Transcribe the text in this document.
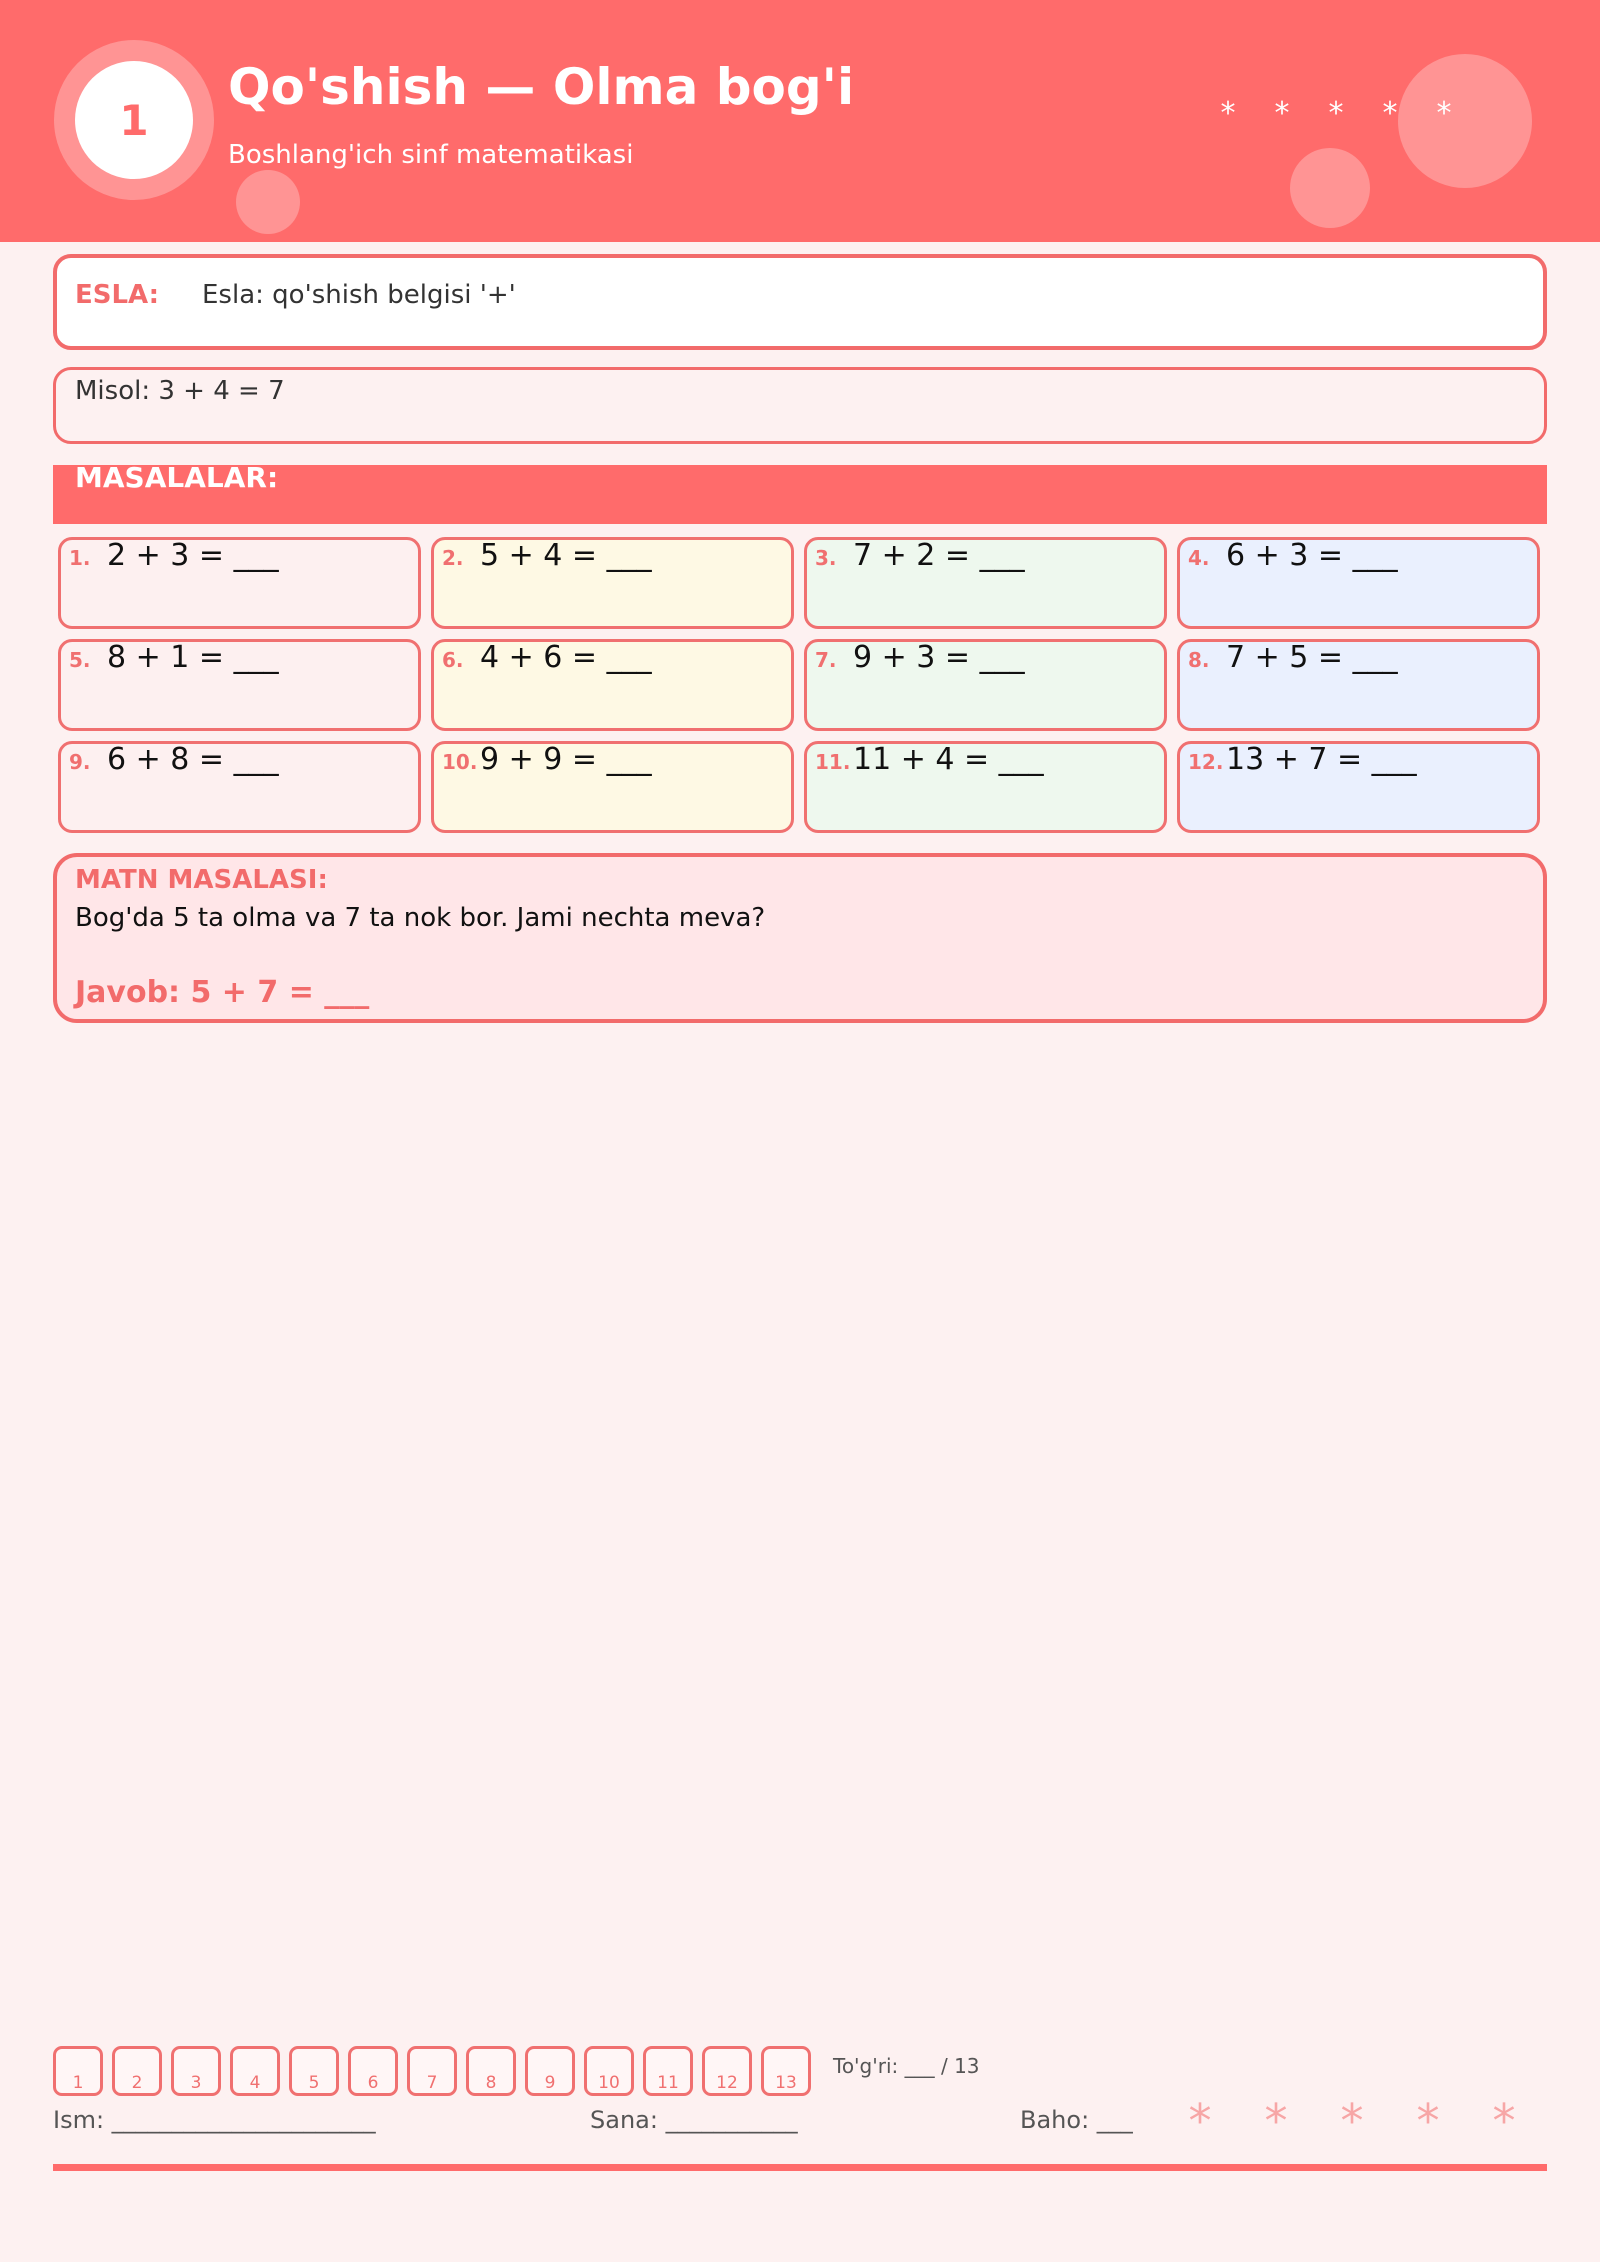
1
Qo'shish — Olma bog'i
Boshlang'ich sinf matematikasi
* * * * *
ESLA: Esla: qo'shish belgisi '+'
Misol: 3 + 4 = 7
MASALALAR:
1. 2 + 3 = ___	2. 5 + 4 = ___	3. 7 + 2 = ___	4. 6 + 3 = ___
5. 8 + 1 = ___	6. 4 + 6 = ___	7. 9 + 3 = ___	8. 7 + 5 = ___
9. 6 + 8 = ___	10. 9 + 9 = ___	11. 11 + 4 = ___	12. 13 + 7 = ___
MATN MASALASI:
Bog'da 5 ta olma va 7 ta nok bor. Jami nechta meva?
Javob: 5 + 7 = ___
1	2	3	4	5	6	7	8	9	10	11	12	13
To'g'ri: ___ / 13
Ism: ______________________	Sana: ___________	Baho: ___ * * * * *
